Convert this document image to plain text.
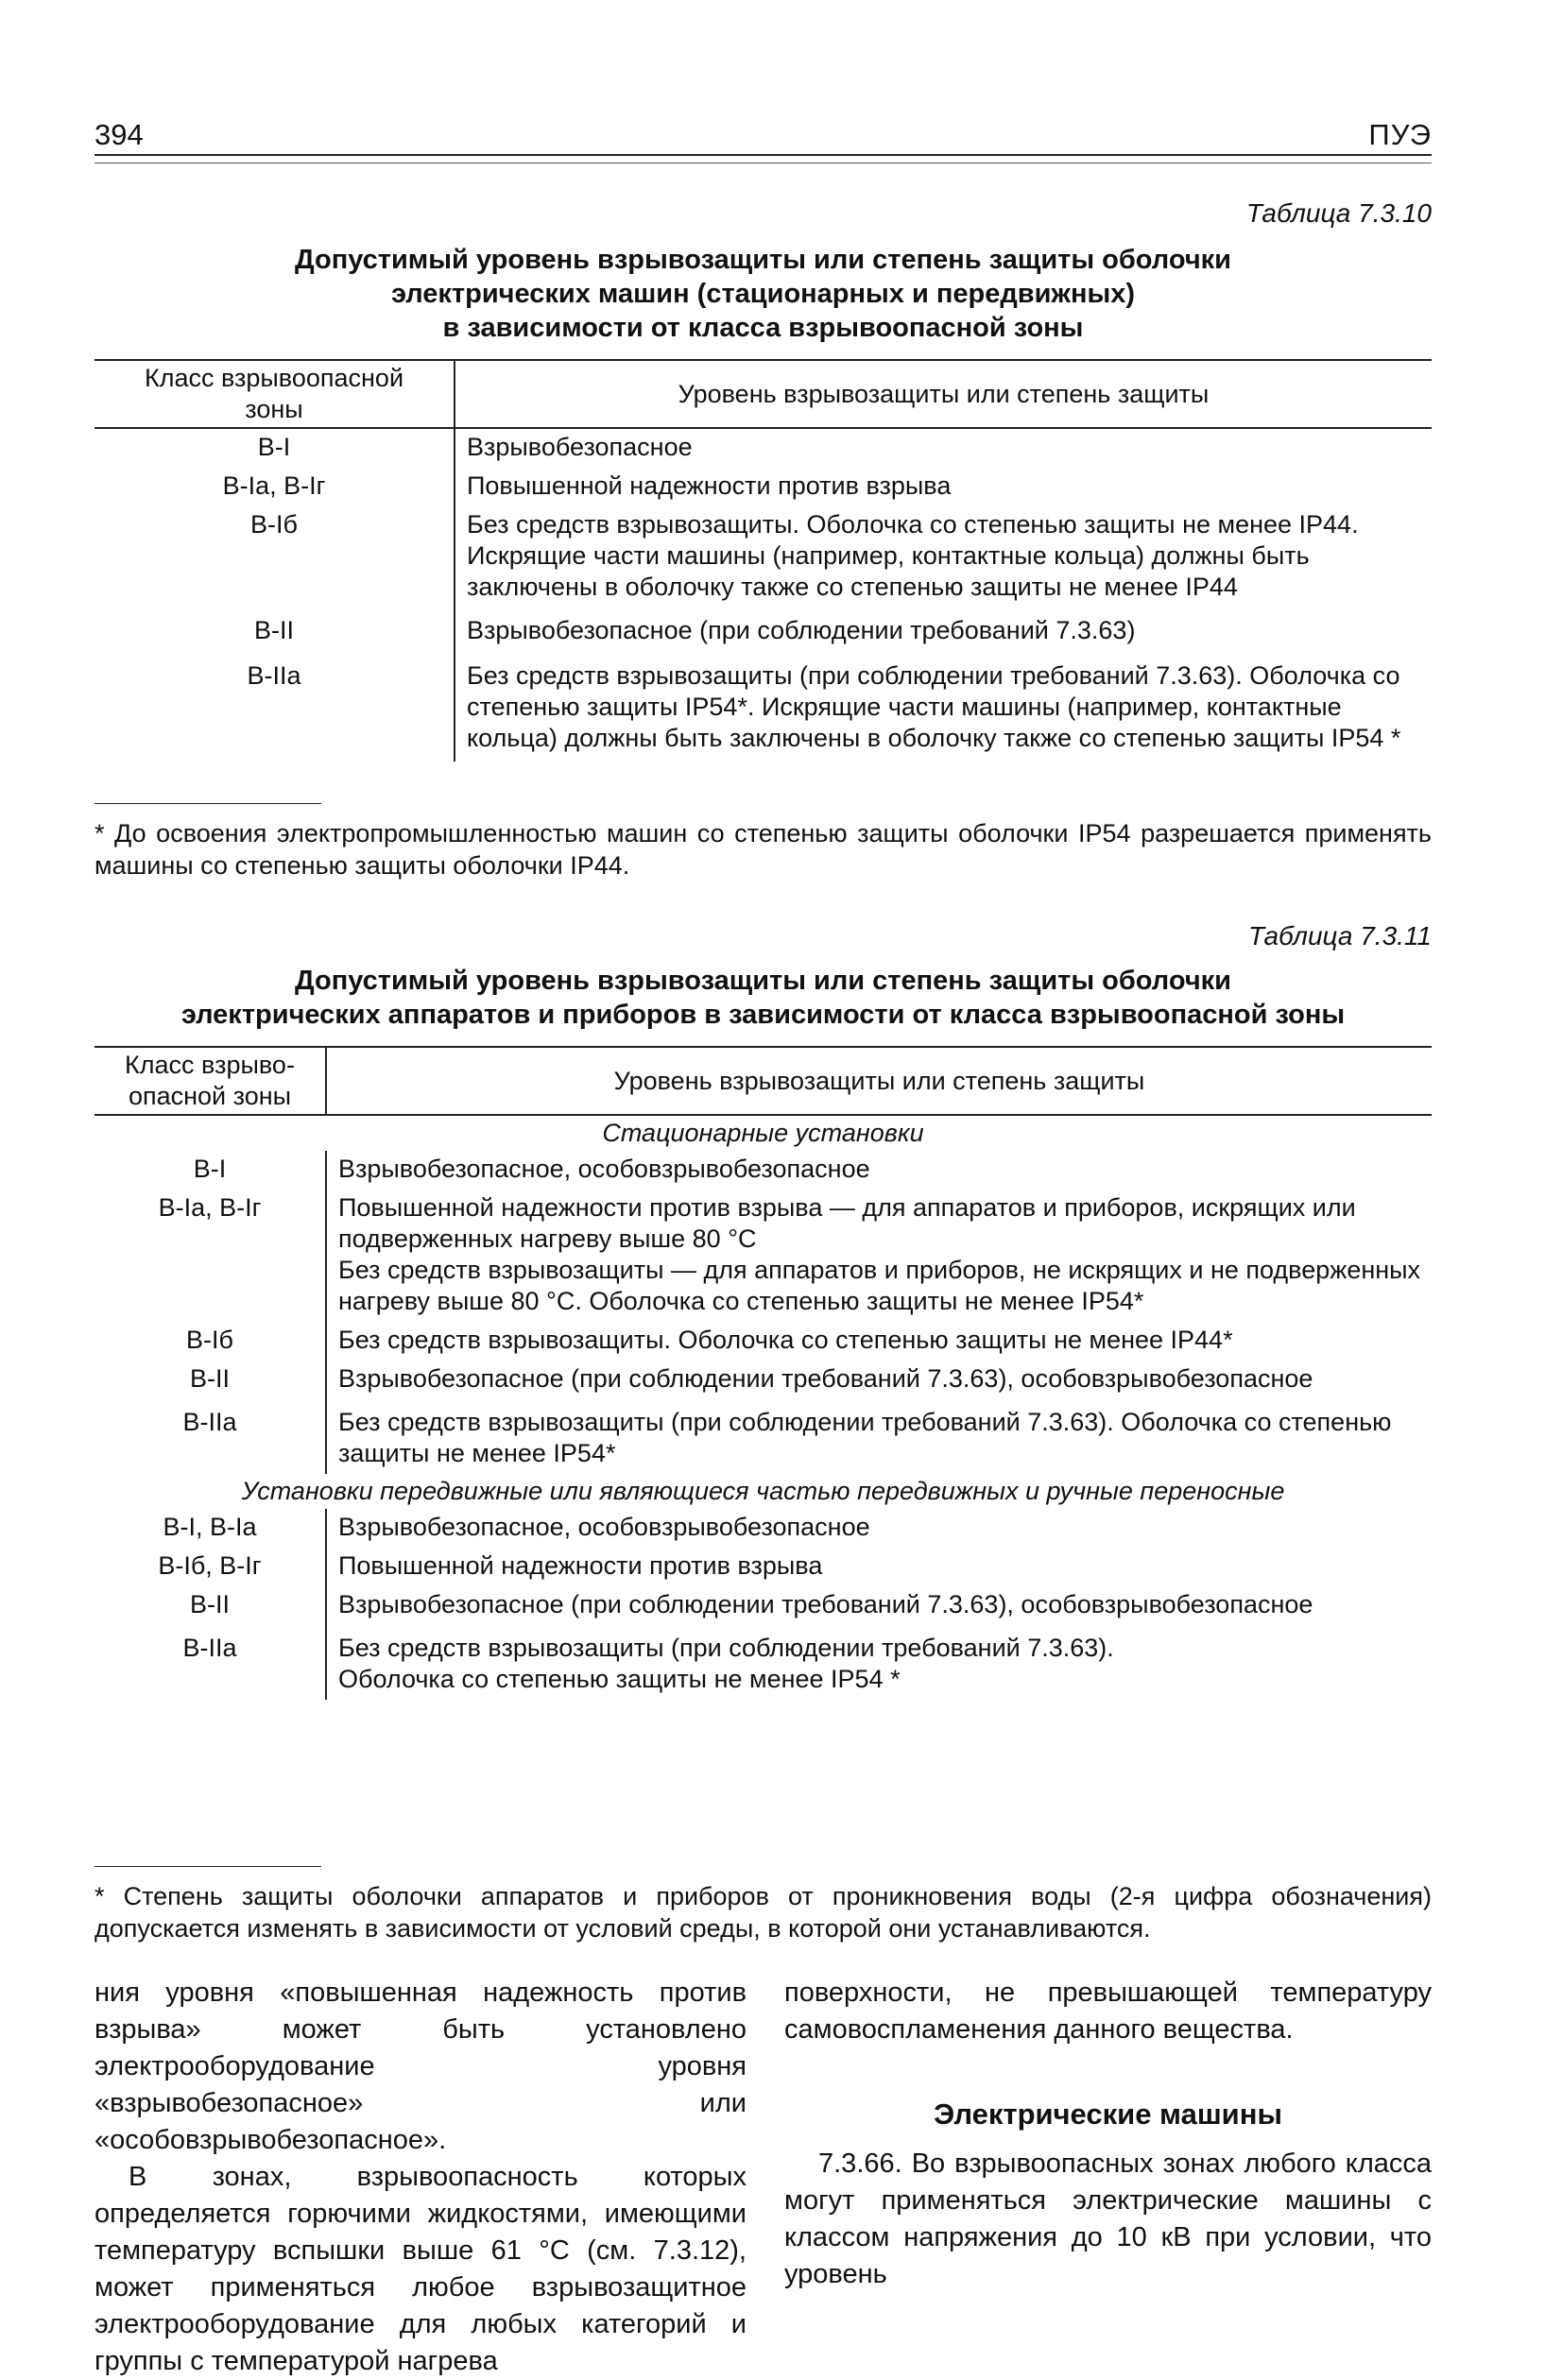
394	ПУЭ
Таблица 7.3.10
Допустимый уровень взрывозащиты или степень защиты оболочки
электрических машин (стационарных и передвижных)
в зависимости от класса взрывоопасной зоны
Класс взрывоопасной зоны	Уровень взрывозащиты или степень защиты
В-I	Взрывобезопасное
В-Iа, В-Iг	Повышенной надежности против взрыва
В-Iб	Без средств взрывозащиты. Оболочка со степенью защиты не менее IP44. Искрящие части машины (например, контактные кольца) должны быть заключены в оболочку также со степенью защиты не менее IP44
В-II	Взрывобезопасное (при соблюдении требований 7.3.63)
В-IIа	Без средств взрывозащиты (при соблюдении требований 7.3.63). Оболочка со степенью защиты IP54*. Искрящие части машины (например, контактные кольца) должны быть заключены в оболочку также со степенью защиты IP54 *
* До освоения электропромышленностью машин со степенью защиты оболочки IP54 разрешается применять машины со степенью защиты оболочки IP44.
Таблица 7.3.11
Допустимый уровень взрывозащиты или степень защиты оболочки
электрических аппаратов и приборов в зависимости от класса взрывоопасной зоны
Класс взрыво-опасной зоны	Уровень взрывозащиты или степень защиты
Стационарные установки	
В-I	Взрывобезопасное, особовзрывобезопасное
В-Iа, В-Iг	Повышенной надежности против взрыва — для аппаратов и приборов, искрящих или подверженных нагреву выше 80 °С
Без средств взрывозащиты — для аппаратов и приборов, не искрящих и не подверженных нагреву выше 80 °С. Оболочка со степенью защиты не менее IP54*

В-Iб	Без средств взрывозащиты. Оболочка со степенью защиты не менее IP44*
В-II	Взрывобезопасное (при соблюдении требований 7.3.63), особовзрывобезопасное
В-IIа	Без средств взрывозащиты (при соблюдении требований 7.3.63). Оболочка со степенью защиты не менее IP54*
Установки передвижные или являющиеся частью передвижных и ручные переносные	
В-I, В-Iа	Взрывобезопасное, особовзрывобезопасное
В-Iб, В-Iг	Повышенной надежности против взрыва
В-II	Взрывобезопасное (при соблюдении требований 7.3.63), особовзрывобезопасное
В-IIа	Без средств взрывозащиты (при соблюдении требований 7.3.63).
Оболочка со степенью защиты не менее IP54 *
* Степень защиты оболочки аппаратов и приборов от проникновения воды (2-я цифра обозначения) допускается изменять в зависимости от условий среды, в которой они устанавливаются.

ния уровня «повышенная надежность против взрыва» может быть установлено электрооборудование уровня «взрывобезопасное» или «особовзрывобезопасное».

В зонах, взрывоопасность которых определяется горючими жидкостями, имеющими температуру вспышки выше 61 °С (см. 7.3.12), может применяться любое взрывозащитное электрооборудование для любых категорий и группы с температурой нагрева

поверхности, не превышающей температуру самовоспламенения данного вещества.

Электрические машины

7.3.66. Во взрывоопасных зонах любого класса могут применяться электрические машины с классом напряжения до 10 кВ при условии, что уровень
